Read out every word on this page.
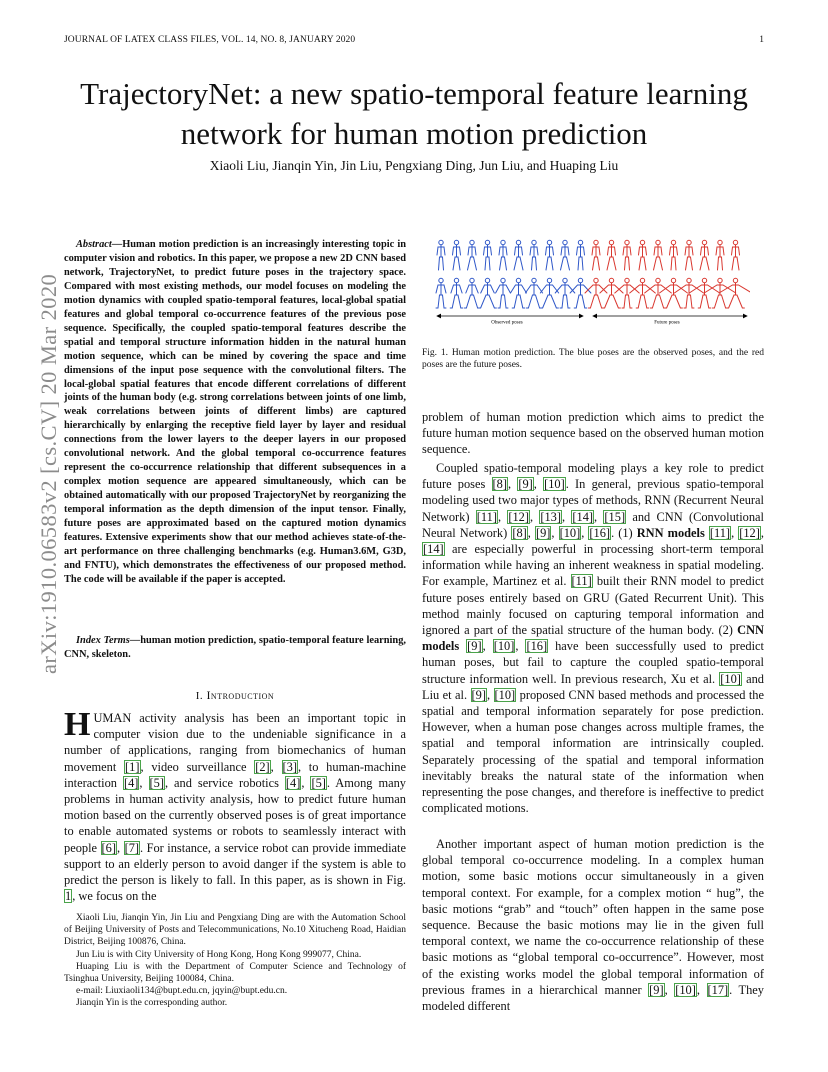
JOURNAL OF LATEX CLASS FILES, VOL. 14, NO. 8, JANUARY 2020	1
arXiv:1910.06583v2 [cs.CV] 20 Mar 2020
TrajectoryNet: a new spatio-temporal feature learning network for human motion prediction
Xiaoli Liu, Jianqin Yin, Jin Liu, Pengxiang Ding, Jun Liu, and Huaping Liu

Abstract—Human motion prediction is an increasingly interesting topic in computer vision and robotics. In this paper, we propose a new 2D CNN based network, TrajectoryNet, to predict future poses in the trajectory space. Compared with most existing methods, our model focuses on modeling the motion dynamics with coupled spatio-temporal features, local-global spatial features and global temporal co-occurrence features of the previous pose sequence. Specifically, the coupled spatio-temporal features describe the spatial and temporal structure information hidden in the natural human motion sequence, which can be mined by covering the space and time dimensions of the input pose sequence with the convolutional filters. The local-global spatial features that encode different correlations of different joints of the human body (e.g. strong correlations between joints of one limb, weak correlations between joints of different limbs) are captured hierarchically by enlarging the receptive field layer by layer and residual connections from the lower layers to the deeper layers in our proposed convolutional network. And the global temporal co-occurrence features represent the co-occurrence relationship that different subsequences in a complex motion sequence are appeared simultaneously, which can be obtained automatically with our proposed TrajectoryNet by reorganizing the temporal information as the depth dimension of the input tensor. Finally, future poses are approximated based on the captured motion dynamics features. Extensive experiments show that our method achieves state-of-the-art performance on three challenging benchmarks (e.g. Human3.6M, G3D, and FNTU), which demonstrates the effectiveness of our proposed method. The code will be available if the paper is accepted.

Index Terms—human motion prediction, spatio-temporal feature learning, CNN, skeleton.

I. Introduction

HUMAN activity analysis has been an important topic in computer vision due to the undeniable significance in a number of applications, ranging from biomechanics of human movement [1], video surveillance [2], [3], to human-machine interaction [4], [5], and service robotics [4], [5]. Among many problems in human activity analysis, how to predict future human motion based on the currently observed poses is of great importance to enable automated systems or robots to seamlessly interact with people [6], [7]. For instance, a service robot can provide immediate support to an elderly person to avoid danger if the system is able to predict the person is likely to fall. In this paper, as is shown in Fig. 1, we focus on the

Xiaoli Liu, Jianqin Yin, Jin Liu and Pengxiang Ding are with the Automation School of Beijing University of Posts and Telecommunications, No.10 Xitucheng Road, Haidian District, Beijing 100876, China.

Jun Liu is with City University of Hong Kong, Hong Kong 999077, China.

Huaping Liu is with the Department of Computer Science and Technology of Tsinghua University, Beijing 100084, China.

e-mail: Liuxiaoli134@bupt.edu.cn, jqyin@bupt.edu.cn.

Jianqin Yin is the corresponding author.

Observed poses	Future poses

Fig. 1. Human motion prediction. The blue poses are the observed poses, and the red poses are the future poses.

problem of human motion prediction which aims to predict the future human motion sequence based on the observed human motion sequence.

Coupled spatio-temporal modeling plays a key role to predict future poses [8], [9], [10]. In general, previous spatio-temporal modeling used two major types of methods, RNN (Recurrent Neural Network) [11], [12], [13], [14], [15] and CNN (Convolutional Neural Network) [8], [9], [10], [16]. (1) RNN models [11], [12], [14] are especially powerful in processing short-term temporal information while having an inherent weakness in spatial modeling. For example, Martinez et al. [11] built their RNN model to predict future poses entirely based on GRU (Gated Recurrent Unit). This method mainly focused on capturing temporal information and ignored a part of the spatial structure of the human body. (2) CNN models [9], [10], [16] have been successfully used to predict human poses, but fail to capture the coupled spatio-temporal structure information well. In previous research, Xu et al. [10] and Liu et al. [9], [10] proposed CNN based methods and processed the spatial and temporal information separately for pose prediction. However, when a human pose changes across multiple frames, the spatial and temporal information are intrinsically coupled. Separately processing of the spatial and temporal information inevitably breaks the natural state of the information when representing the pose changes, and therefore is ineffective to predict complicated motions.

Another important aspect of human motion prediction is the global temporal co-occurrence modeling. In a complex human motion, some basic motions occur simultaneously in a given temporal context. For example, for a complex motion “ hug”, the basic motions “grab” and “touch” often happen in the same pose sequence. Because the basic motions may lie in the given full temporal context, we name the co-occurrence relationship of these basic motions as “global temporal co-occurrence”. However, most of the existing works model the global temporal information of previous frames in a hierarchical manner [9], [10], [17]. They modeled different
